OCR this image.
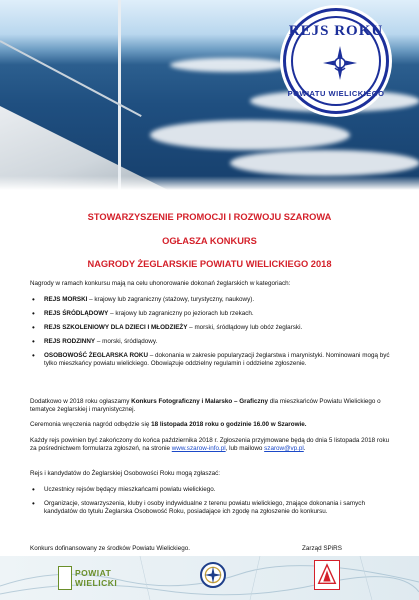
REJS ROKU
POWIATU WIELICKIEGO
STOWARZYSZENIE PROMOCJI I ROZWOJU SZAROWA
OGŁASZA KONKURS
NAGRODY ŻEGLARSKIE POWIATU WIELICKIEGO 2018
Nagrody w ramach konkursu mają na celu uhonorowanie dokonań żeglarskich w kategoriach:
• REJS MORSKI – krajowy lub zagraniczny (stażowy, turystyczny, naukowy).
• REJS ŚRÓDLĄDOWY – krajowy lub zagraniczny po jeziorach lub rzekach.
• REJS SZKOLENIOWY DLA DZIECI I MŁODZIEŻY – morski, śródlądowy lub obóz żeglarski.
• REJS RODZINNY – morski, śródlądowy.
• OSOBOWOŚĆ ŻEGLARSKA ROKU – dokonania w zakresie popularyzacji żeglarstwa i marynistyki. Nominowani mogą być tylko mieszkańcy powiatu wielickiego. Obowiązuje oddzielny regulamin i oddzielne zgłoszenie.
Dodatkowo w 2018 roku ogłaszamy Konkurs Fotograficzny i Malarsko – Graficzny dla mieszkańców Powiatu Wielickiego o tematyce żeglarskiej i marynistycznej.
Ceremonia wręczenia nagród odbędzie się 18 listopada 2018 roku o godzinie 16.00 w Szarowie.
Każdy rejs powinien być zakończony do końca października 2018 r. Zgłoszenia przyjmowane będą do dnia 5 listopada 2018 roku za pośrednictwem formularza zgłoszeń, na stronie www.szarow-info.pl, lub mailowo szarow@vp.pl.
Rejs i kandydatów do Żeglarskiej Osobowości Roku mogą zgłaszać:
• Uczestnicy rejsów będący mieszkańcami powiatu wielickiego.
• Organizacje, stowarzyszenia, kluby i osoby indywidualne z terenu powiatu wielickiego, znające dokonania i samych kandydatów do tytułu Żeglarska Osobowość Roku, posiadające ich zgodę na zgłoszenie do konkursu.
Konkurs dofinansowany ze środków Powiatu Wielickiego.	Zarząd SPiRS
POWIAT
WIELICKI
